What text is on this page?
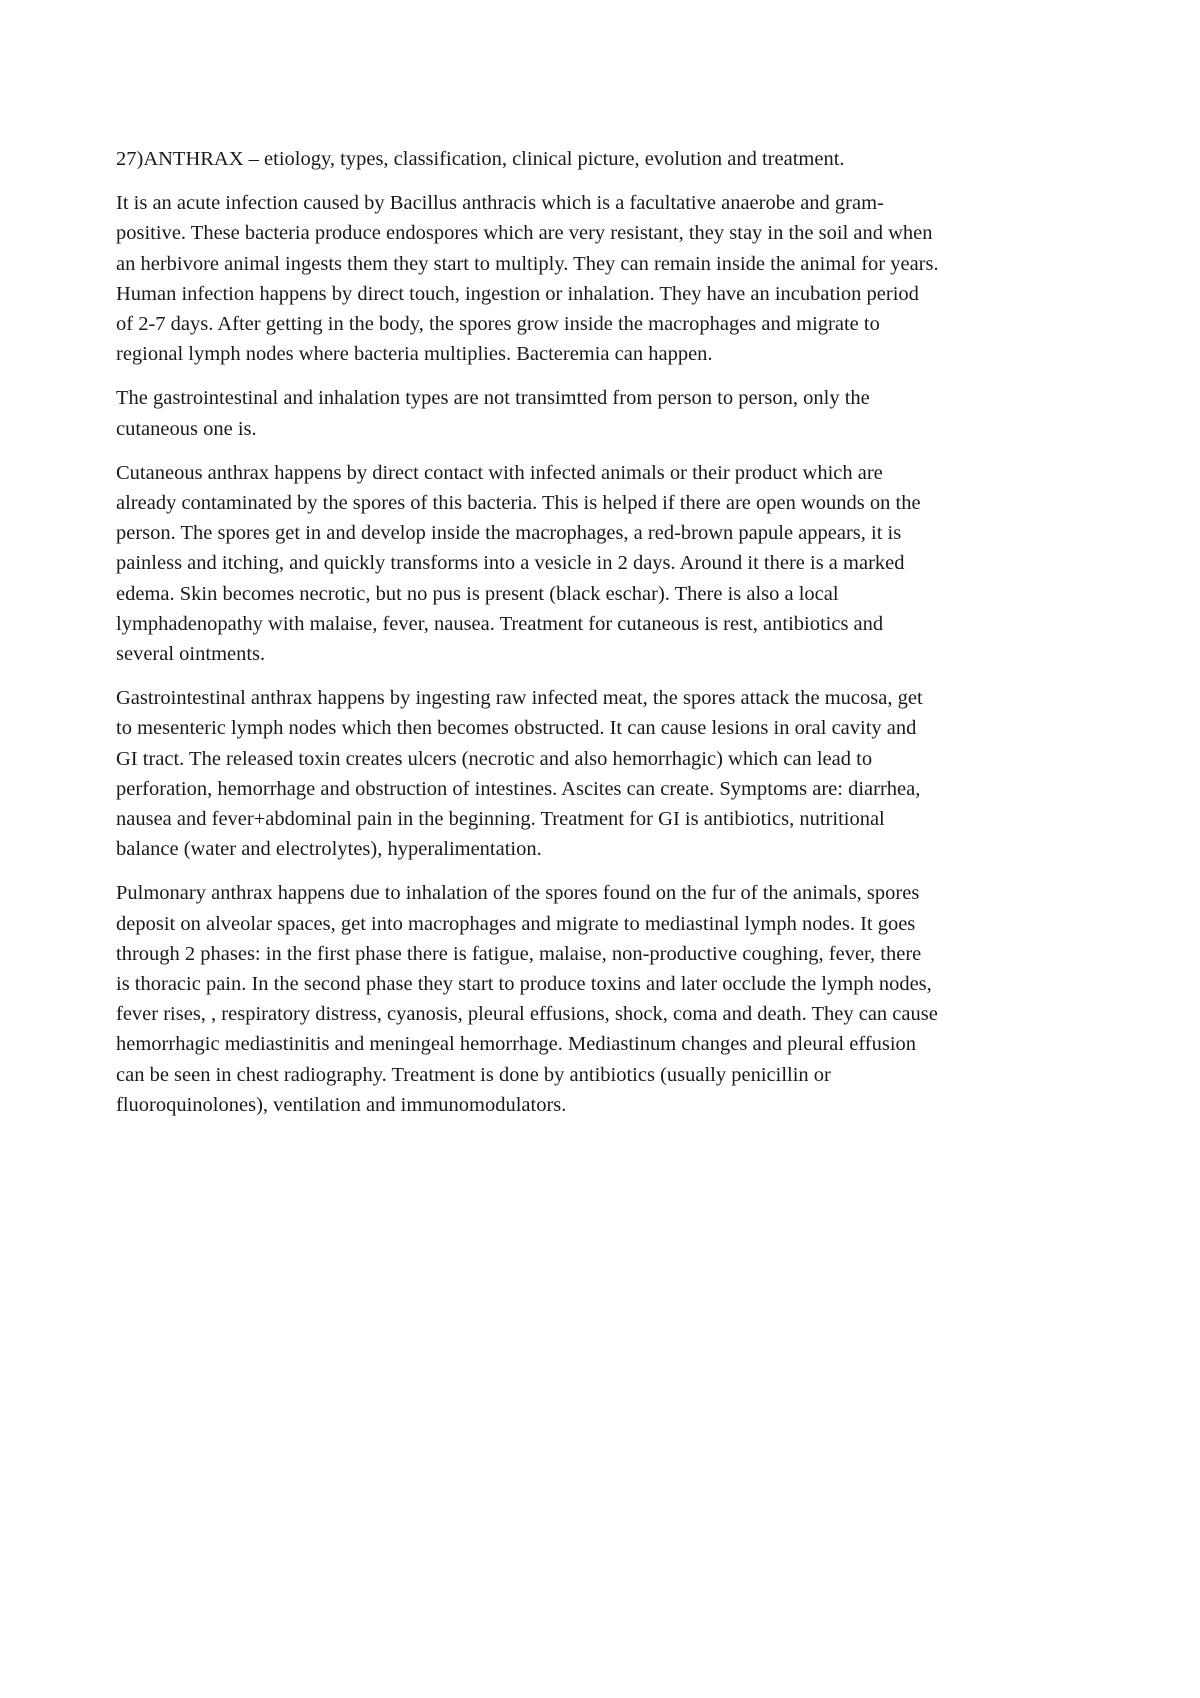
27)ANTHRAX – etiology, types, classification, clinical picture, evolution and treatment.
It is an acute infection caused by Bacillus anthracis which is a facultative anaerobe and gram-
positive. These bacteria produce endospores which are very resistant, they stay in the soil and when
an herbivore animal ingests them they start to multiply. They can remain inside the animal for years.
Human infection happens by direct touch, ingestion or inhalation. They have an incubation period
of 2-7 days. After getting in the body, the spores grow inside the macrophages and migrate to
regional lymph nodes where bacteria multiplies. Bacteremia can happen.
The gastrointestinal and inhalation types are not transimtted from person to person, only the
cutaneous one is.
Cutaneous anthrax happens by direct contact with infected animals or their product which are
already contaminated by the spores of this bacteria. This is helped if there are open wounds on the
person. The spores get in and develop inside the macrophages, a red-brown papule appears, it is
painless and itching, and quickly transforms into a vesicle in 2 days. Around it there is a marked
edema. Skin becomes necrotic, but no pus is present (black eschar). There is also a local
lymphadenopathy with malaise, fever, nausea. Treatment for cutaneous is rest, antibiotics and
several ointments.
Gastrointestinal anthrax happens by ingesting raw infected meat, the spores attack the mucosa, get
to mesenteric lymph nodes which then becomes obstructed. It can cause lesions in oral cavity and
GI tract. The released toxin creates ulcers (necrotic and also hemorrhagic) which can lead to
perforation, hemorrhage and obstruction of intestines. Ascites can create. Symptoms are: diarrhea,
nausea and fever+abdominal pain in the beginning. Treatment for GI is antibiotics, nutritional
balance (water and electrolytes), hyperalimentation.
Pulmonary anthrax happens due to inhalation of the spores found on the fur of the animals, spores
deposit on alveolar spaces, get into macrophages and migrate to mediastinal lymph nodes. It goes
through 2 phases: in the first phase there is fatigue, malaise, non-productive coughing, fever, there
is thoracic pain. In the second phase they start to produce toxins and later occlude the lymph nodes,
fever rises, , respiratory distress, cyanosis, pleural effusions, shock, coma and death. They can cause
hemorrhagic mediastinitis and meningeal hemorrhage. Mediastinum changes and pleural effusion
can be seen in chest radiography. Treatment is done by antibiotics (usually penicillin or
fluoroquinolones), ventilation and immunomodulators.
